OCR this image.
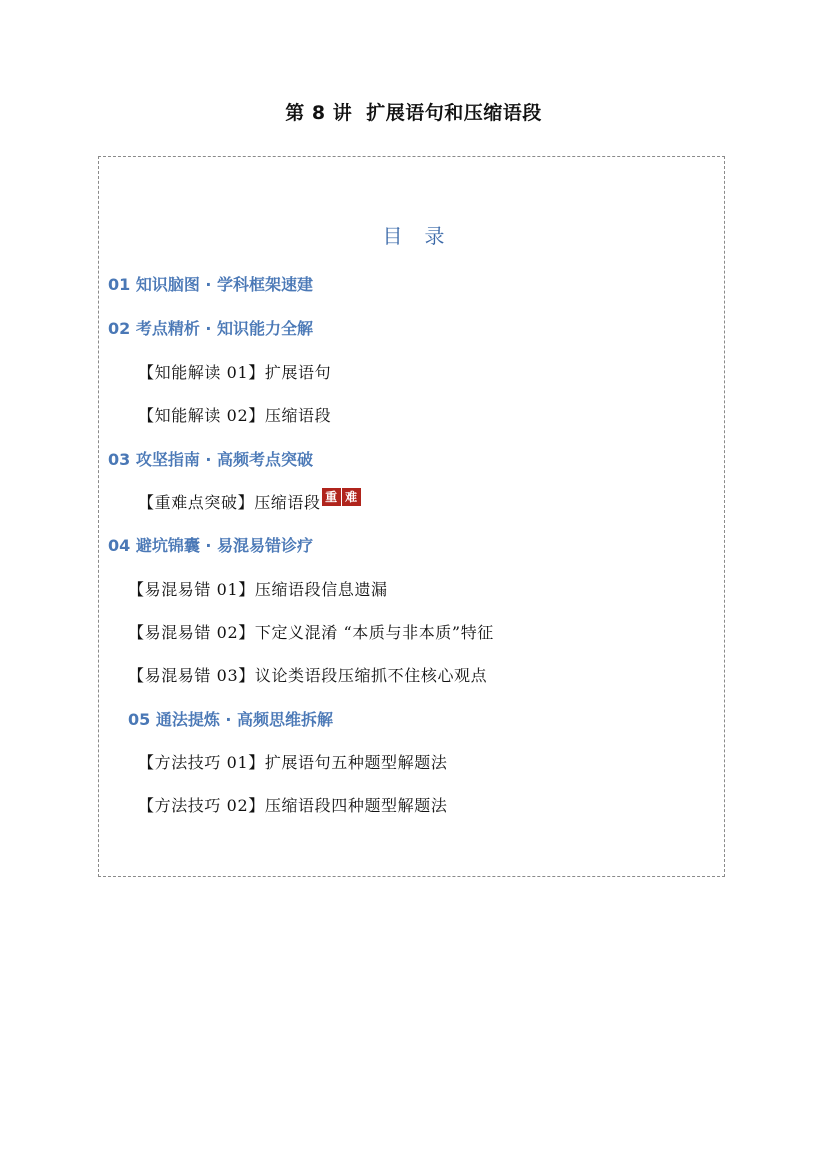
第 8 讲 扩展语句和压缩语段
目 录
01 知识脑图 · 学科框架速建
02 考点精析 · 知识能力全解
【知能解读 01】扩展语句
【知能解读 02】压缩语段
03 攻坚指南 · 高频考点突破
【重难点突破】压缩语段 重 难
04 避坑锦囊 · 易混易错诊疗
【易混易错 01】压缩语段信息遗漏
【易混易错 02】下定义混淆 “本质与非本质”特征
【易混易错 03】议论类语段压缩抓不住核心观点
05 通法提炼 · 高频思维拆解
【方法技巧 01】扩展语句五种题型解题法
【方法技巧 02】压缩语段四种题型解题法
